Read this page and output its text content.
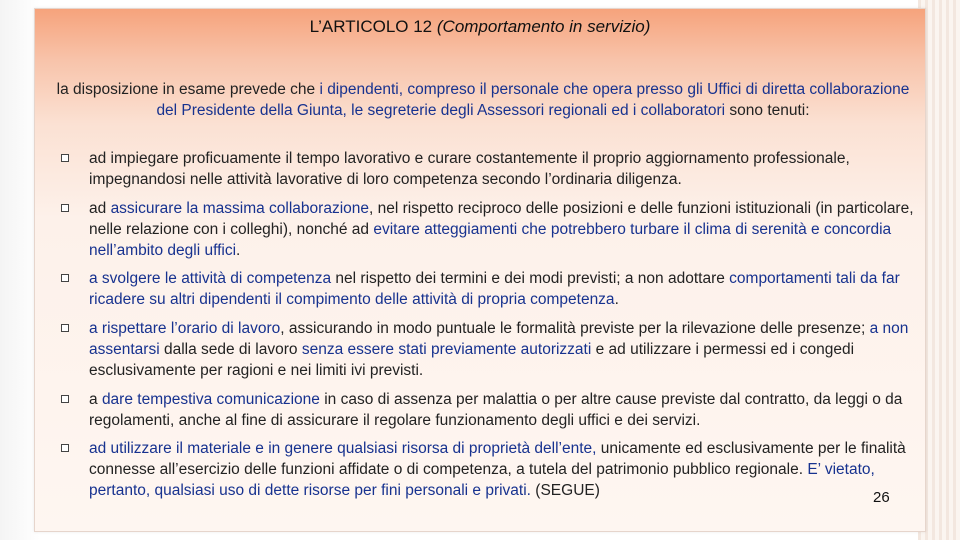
L’ARTICOLO 12 (Comportamento in servizio)
la disposizione in esame prevede che i dipendenti, compreso il personale che opera presso gli Uffici di diretta collaborazione del Presidente della Giunta, le segreterie degli Assessori regionali ed i collaboratori sono tenuti:
ad impiegare proficuamente il tempo lavorativo e curare costantemente il proprio aggiornamento professionale, impegnandosi nelle attività lavorative di loro competenza secondo l’ordinaria diligenza.
ad assicurare la massima collaborazione, nel rispetto reciproco delle posizioni e delle funzioni istituzionali (in particolare, nelle relazione con i colleghi), nonché ad evitare atteggiamenti che potrebbero turbare il clima di serenità e concordia nell’ambito degli uffici.
a svolgere le attività di competenza nel rispetto dei termini e dei modi previsti; a non adottare comportamenti tali da far ricadere su altri dipendenti il compimento delle attività di propria competenza.
a rispettare l’orario di lavoro, assicurando in modo puntuale le formalità previste per la rilevazione delle presenze; a non assentarsi dalla sede di lavoro senza essere stati previamente autorizzati e ad utilizzare i permessi ed i congedi esclusivamente per ragioni e nei limiti ivi previsti.
a dare tempestiva comunicazione in caso di assenza per malattia o per altre cause previste dal contratto, da leggi o da regolamenti, anche al fine di assicurare il regolare funzionamento degli uffici e dei servizi.
ad utilizzare il materiale e in genere qualsiasi risorsa di proprietà dell’ente, unicamente ed esclusivamente per le finalità connesse all’esercizio delle funzioni affidate o di competenza, a tutela del patrimonio pubblico regionale. E’ vietato, pertanto, qualsiasi uso di dette risorse per fini personali e privati. (SEGUE)	26
